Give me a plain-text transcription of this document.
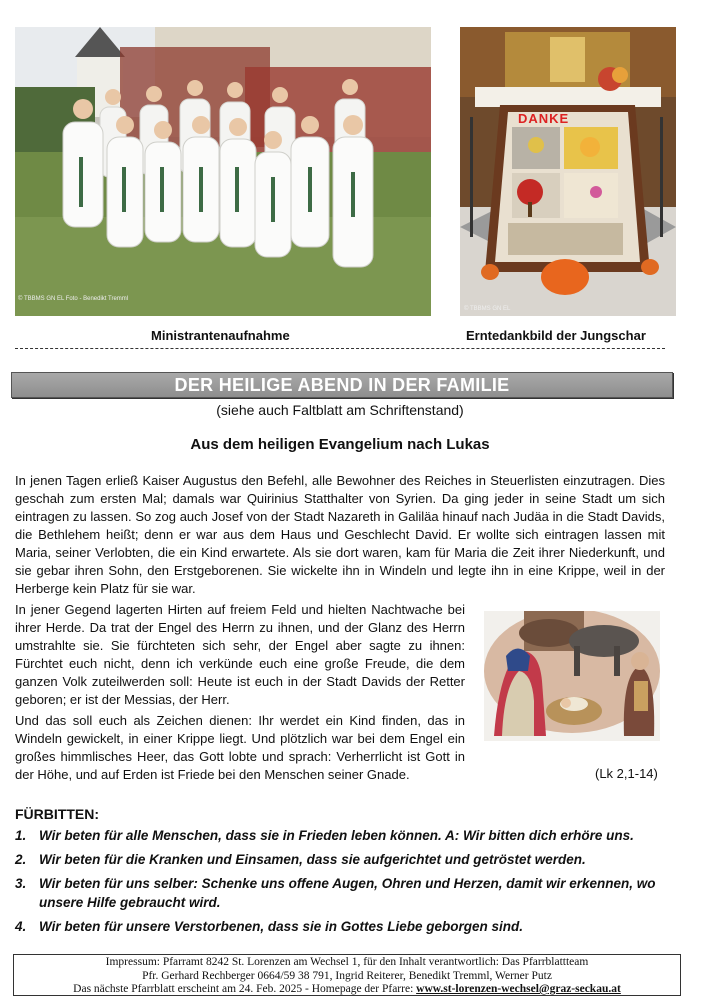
© TBBMS GN EL Foto - Benedikt Tremml
DANKE
© TBBMS GN EL
Ministrantenaufnahme	Erntedankbild der Jungschar
DER HEILIGE ABEND IN DER FAMILIE
(siehe auch Faltblatt am Schriftenstand)
Aus dem heiligen Evangelium nach Lukas

In jenen Tagen erließ Kaiser Augustus den Befehl, alle Bewohner des Reiches in Steuerlisten einzutragen. Dies geschah zum ersten Mal; damals war Quirinius Statthalter von Syrien. Da ging jeder in seine Stadt um sich eintragen zu lassen. So zog auch Josef von der Stadt Nazareth in Galiläa hinauf nach Judäa in die Stadt Davids, die Bethlehem heißt; denn er war aus dem Haus und Geschlecht David. Er wollte sich eintragen lassen mit Maria, seiner Verlobten, die ein Kind erwartete. Als sie dort waren, kam für Maria die Zeit ihrer Niederkunft, und sie gebar ihren Sohn, den Erstgeborenen. Sie wickelte ihn in Windeln und legte ihn in eine Krippe, weil in der Herberge kein Platz für sie war.

In jener Gegend lagerten Hirten auf freiem Feld und hielten Nachtwache bei ihrer Herde. Da trat der Engel des Herrn zu ihnen, und der Glanz des Herrn umstrahlte sie. Sie fürchteten sich sehr, der Engel aber sagte zu ihnen: Fürchtet euch nicht, denn ich verkünde euch eine große Freude, die dem ganzen Volk zuteilwerden soll: Heute ist euch in der Stadt Davids der Retter geboren; er ist der Messias, der Herr.

Und das soll euch als Zeichen dienen: Ihr werdet ein Kind finden, das in Windeln gewickelt, in einer Krippe liegt. Und plötzlich war bei dem Engel ein großes himmlisches Heer, das Gott lobte und sprach: Verherrlicht ist Gott in der Höhe, und auf Erden ist Friede bei den Menschen seiner Gnade.	(Lk 2,1-14)
FÜRBITTEN:
1. Wir beten für alle Menschen, dass sie in Frieden leben können. A: Wir bitten dich erhöre uns.
2. Wir beten für die Kranken und Einsamen, dass sie aufgerichtet und getröstet werden.
3. Wir beten für uns selber: Schenke uns offene Augen, Ohren und Herzen, damit wir erkennen, wo unsere Hilfe gebraucht wird.
4. Wir beten für unsere Verstorbenen, dass sie in Gottes Liebe geborgen sind.
Impressum: Pfarramt 8242 St. Lorenzen am Wechsel 1, für den Inhalt verantwortlich: Das Pfarrblattteam
Pfr. Gerhard Rechberger 0664/59 38 791, Ingrid Reiterer, Benedikt Tremml, Werner Putz
Das nächste Pfarrblatt erscheint am 24. Feb. 2025 - Homepage der Pfarre: www.st-lorenzen-wechsel@graz-seckau.at
